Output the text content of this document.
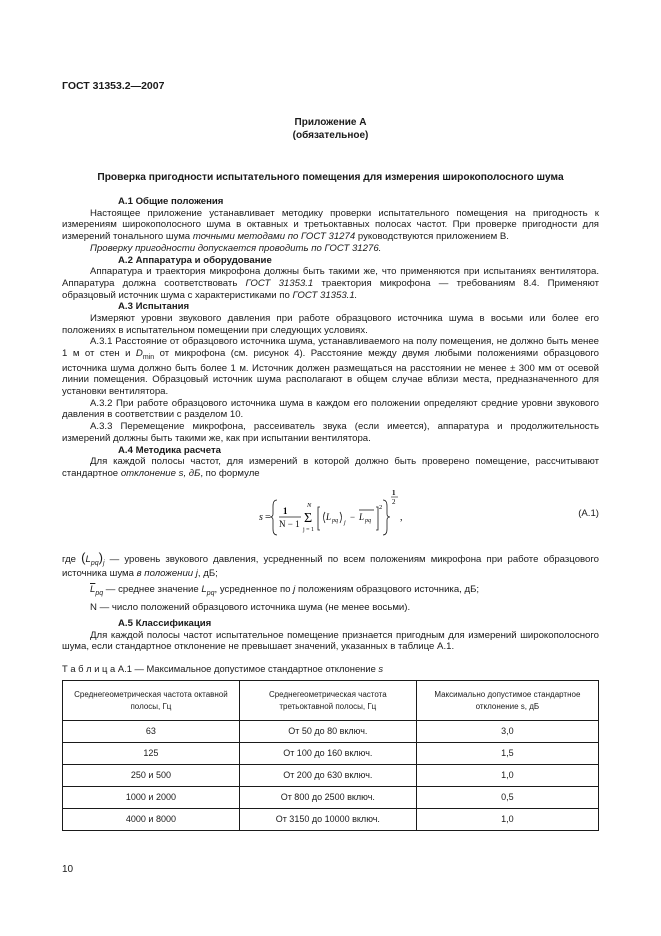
ГОСТ 31353.2—2007
Приложение А
(обязательное)
Проверка пригодности испытательного помещения для измерения широкополосного шума

А.1 Общие положения

Настоящее приложение устанавливает методику проверки испытательного помещения на пригодность к измерениям широкополосного шума в октавных и третьоктавных полосах частот. При проверке пригодности для измерений тонального шума точными методами по ГОСТ 31274 руководствуются приложением В.

Проверку пригодности допускается проводить по ГОСТ 31276.

А.2 Аппаратура и оборудование

Аппаратура и траектория микрофона должны быть такими же, что применяются при испытаниях вентилятора. Аппаратура должна соответствовать ГОСТ 31353.1 траектория микрофона — требованиям 8.4. Применяют образцовый источник шума с характеристиками по ГОСТ 31353.1.

А.3 Испытания

Измеряют уровни звукового давления при работе образцового источника шума в восьми или более его положениях в испытательном помещении при следующих условиях.

А.3.1 Расстояние от образцового источника шума, устанавливаемого на полу помещения, не должно быть менее 1 м от стен и $D_{min}$ от микрофона (см. рисунок 4). Расстояние между двумя любыми положениями образцового источника шума должно быть более 1 м. Источник должен размещаться на расстоянии не менее ± 300 мм от осевой линии помещения. Образцовый источник шума располагают в общем случае вблизи места, предназначенного для установки вентилятора.

А.3.2 При работе образцового источника шума в каждом его положении определяют средние уровни звукового давления в соответствии с разделом 10.

А.3.3 Перемещение микрофона, рассеиватель звука (если имеется), аппаратура и продолжительность измерений должны быть такими же, как при испытании вентилятора.

А.4 Методика расчета

Для каждой полосы частот, для измерений в которой должно быть проверено помещение, рассчитывают стандартное отклонение s, дБ, по формуле

s =
1
N − 1
N
Σ
j = 1
L pq j
− L pq
2
1
2
,	(А.1)

где $(L_{pq})_j$ — уровень звукового давления, усредненный по всем положениям микрофона при работе образцового источника шума в положении j, дБ;

$\overline{L}_{pq}$ — среднее значение $L_{pq}$, усредненное по j положениям образцового источника, дБ;

N — число положений образцового источника шума (не менее восьми).

А.5 Классификация

Для каждой полосы частот испытательное помещение признается пригодным для измерений широкополосного шума, если стандартное отклонение не превышает значений, указанных в таблице А.1.

Т а б л и ц а А.1 — Максимальное допустимое стандартное отклонение s
Среднегеометрическая частота октавной полосы, Гц	Среднегеометрическая частота третьоктавной полосы, Гц	Максимально допустимое стандартное отклонение s, дБ
63	От 50 до 80 включ.	3,0
125	От 100 до 160 включ.	1,5
250 и 500	От 200 до 630 включ.	1,0
1000 и 2000	От 800 до 2500 включ.	0,5
4000 и 8000	От 3150 до 10000 включ.	1,0
10
